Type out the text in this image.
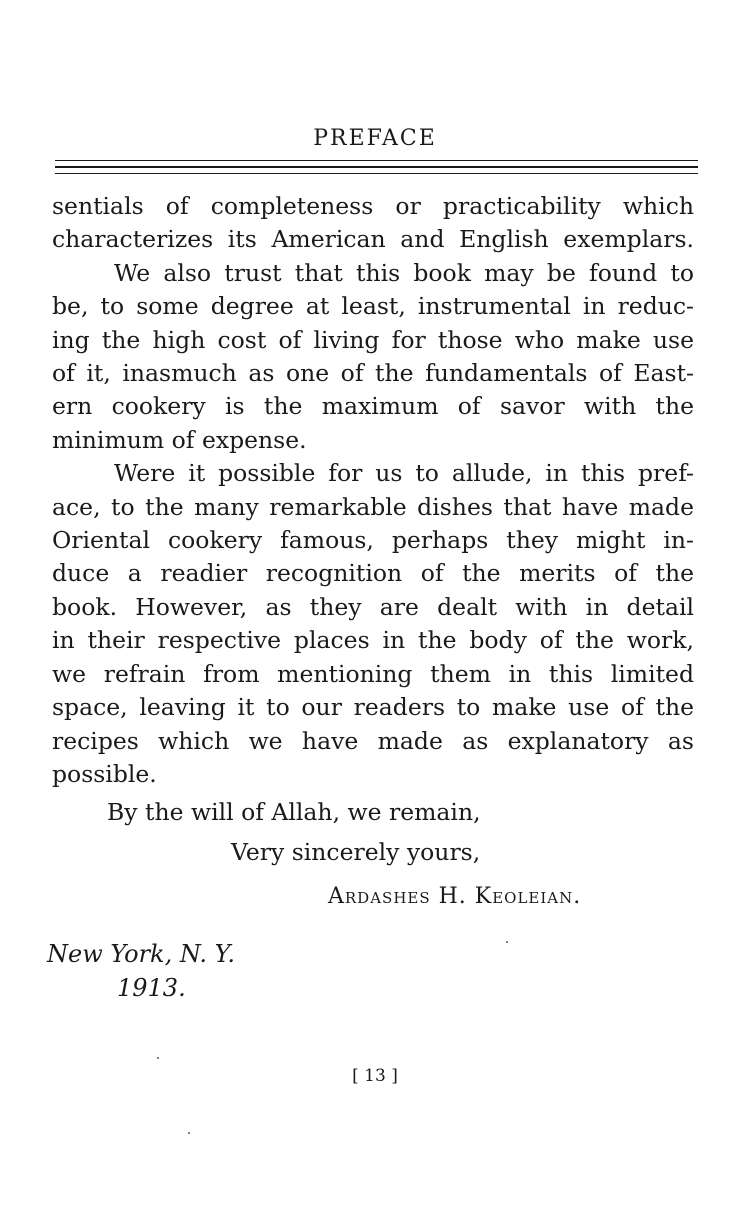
PREFACE
sentials of completeness or practicability which
characterizes its American and English exemplars.
We also trust that this book may be found to
be, to some degree at least, instrumental in reduc-
ing the high cost of living for those who make use
of it, inasmuch as one of the fundamentals of East-
ern cookery is the maximum of savor with the
minimum of expense.
Were it possible for us to allude, in this pref-
ace, to the many remarkable dishes that have made
Oriental cookery famous, perhaps they might in-
duce a readier recognition of the merits of the
book. However, as they are dealt with in detail
in their respective places in the body of the work,
we refrain from mentioning them in this limited
space, leaving it to our readers to make use of the
recipes which we have made as explanatory as
possible.
By the will of Allah, we remain,
Very sincerely yours,
Ardashes H. Keoleian.
New York, N. Y.
1913.
[ 13 ]
